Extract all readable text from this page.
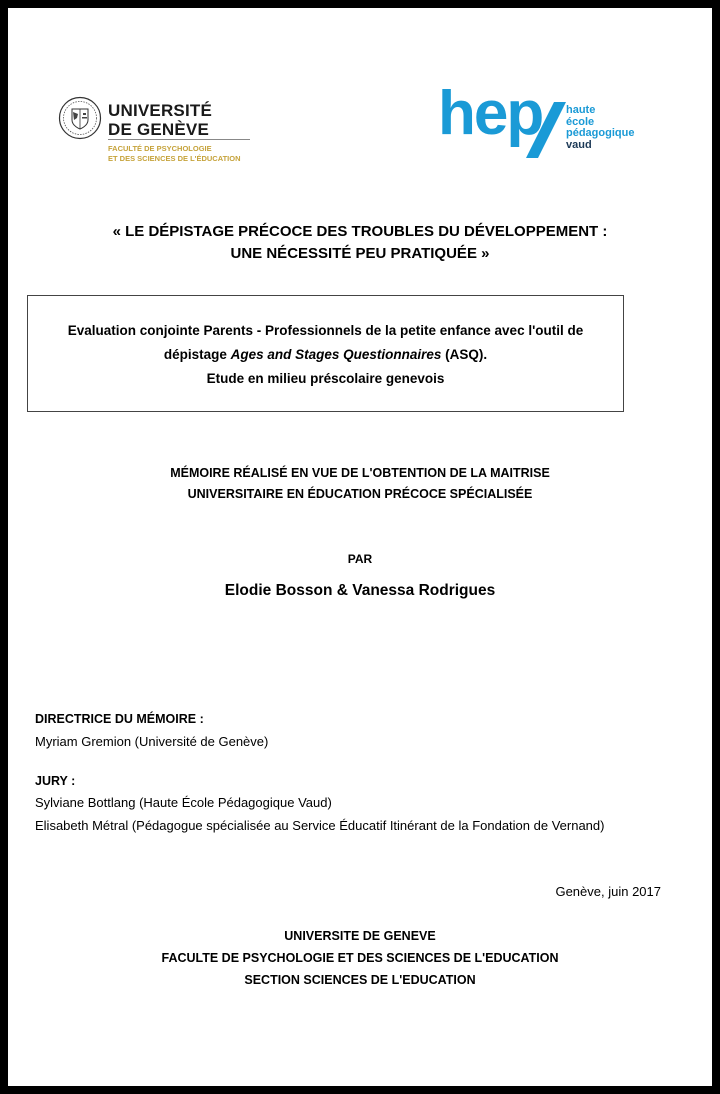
UNIVERSITÉ
DE GENÈVE
FACULTÉ DE PSYCHOLOGIE
ET DES SCIENCES DE L'ÉDUCATION
hep haute
école
pédagogique
vaud
« LE DÉPISTAGE PRÉCOCE DES TROUBLES DU DÉVELOPPEMENT :
UNE NÉCESSITÉ PEU PRATIQUÉE »
Evaluation conjointe Parents - Professionnels de la petite enfance avec l'outil de
dépistage Ages and Stages Questionnaires (ASQ).
Etude en milieu préscolaire genevois
MÉMOIRE RÉALISÉ EN VUE DE L'OBTENTION DE LA MAITRISE
UNIVERSITAIRE EN ÉDUCATION PRÉCOCE SPÉCIALISÉE
PAR
Elodie Bosson & Vanessa Rodrigues
DIRECTRICE DU MÉMOIRE :
Myriam Gremion (Université de Genève)
JURY :
Sylviane Bottlang (Haute École Pédagogique Vaud)
Elisabeth Métral (Pédagogue spécialisée au Service Éducatif Itinérant de la Fondation de Vernand)
Genève, juin 2017
UNIVERSITE DE GENEVE
FACULTE DE PSYCHOLOGIE ET DES SCIENCES DE L'EDUCATION
SECTION SCIENCES DE L'EDUCATION
